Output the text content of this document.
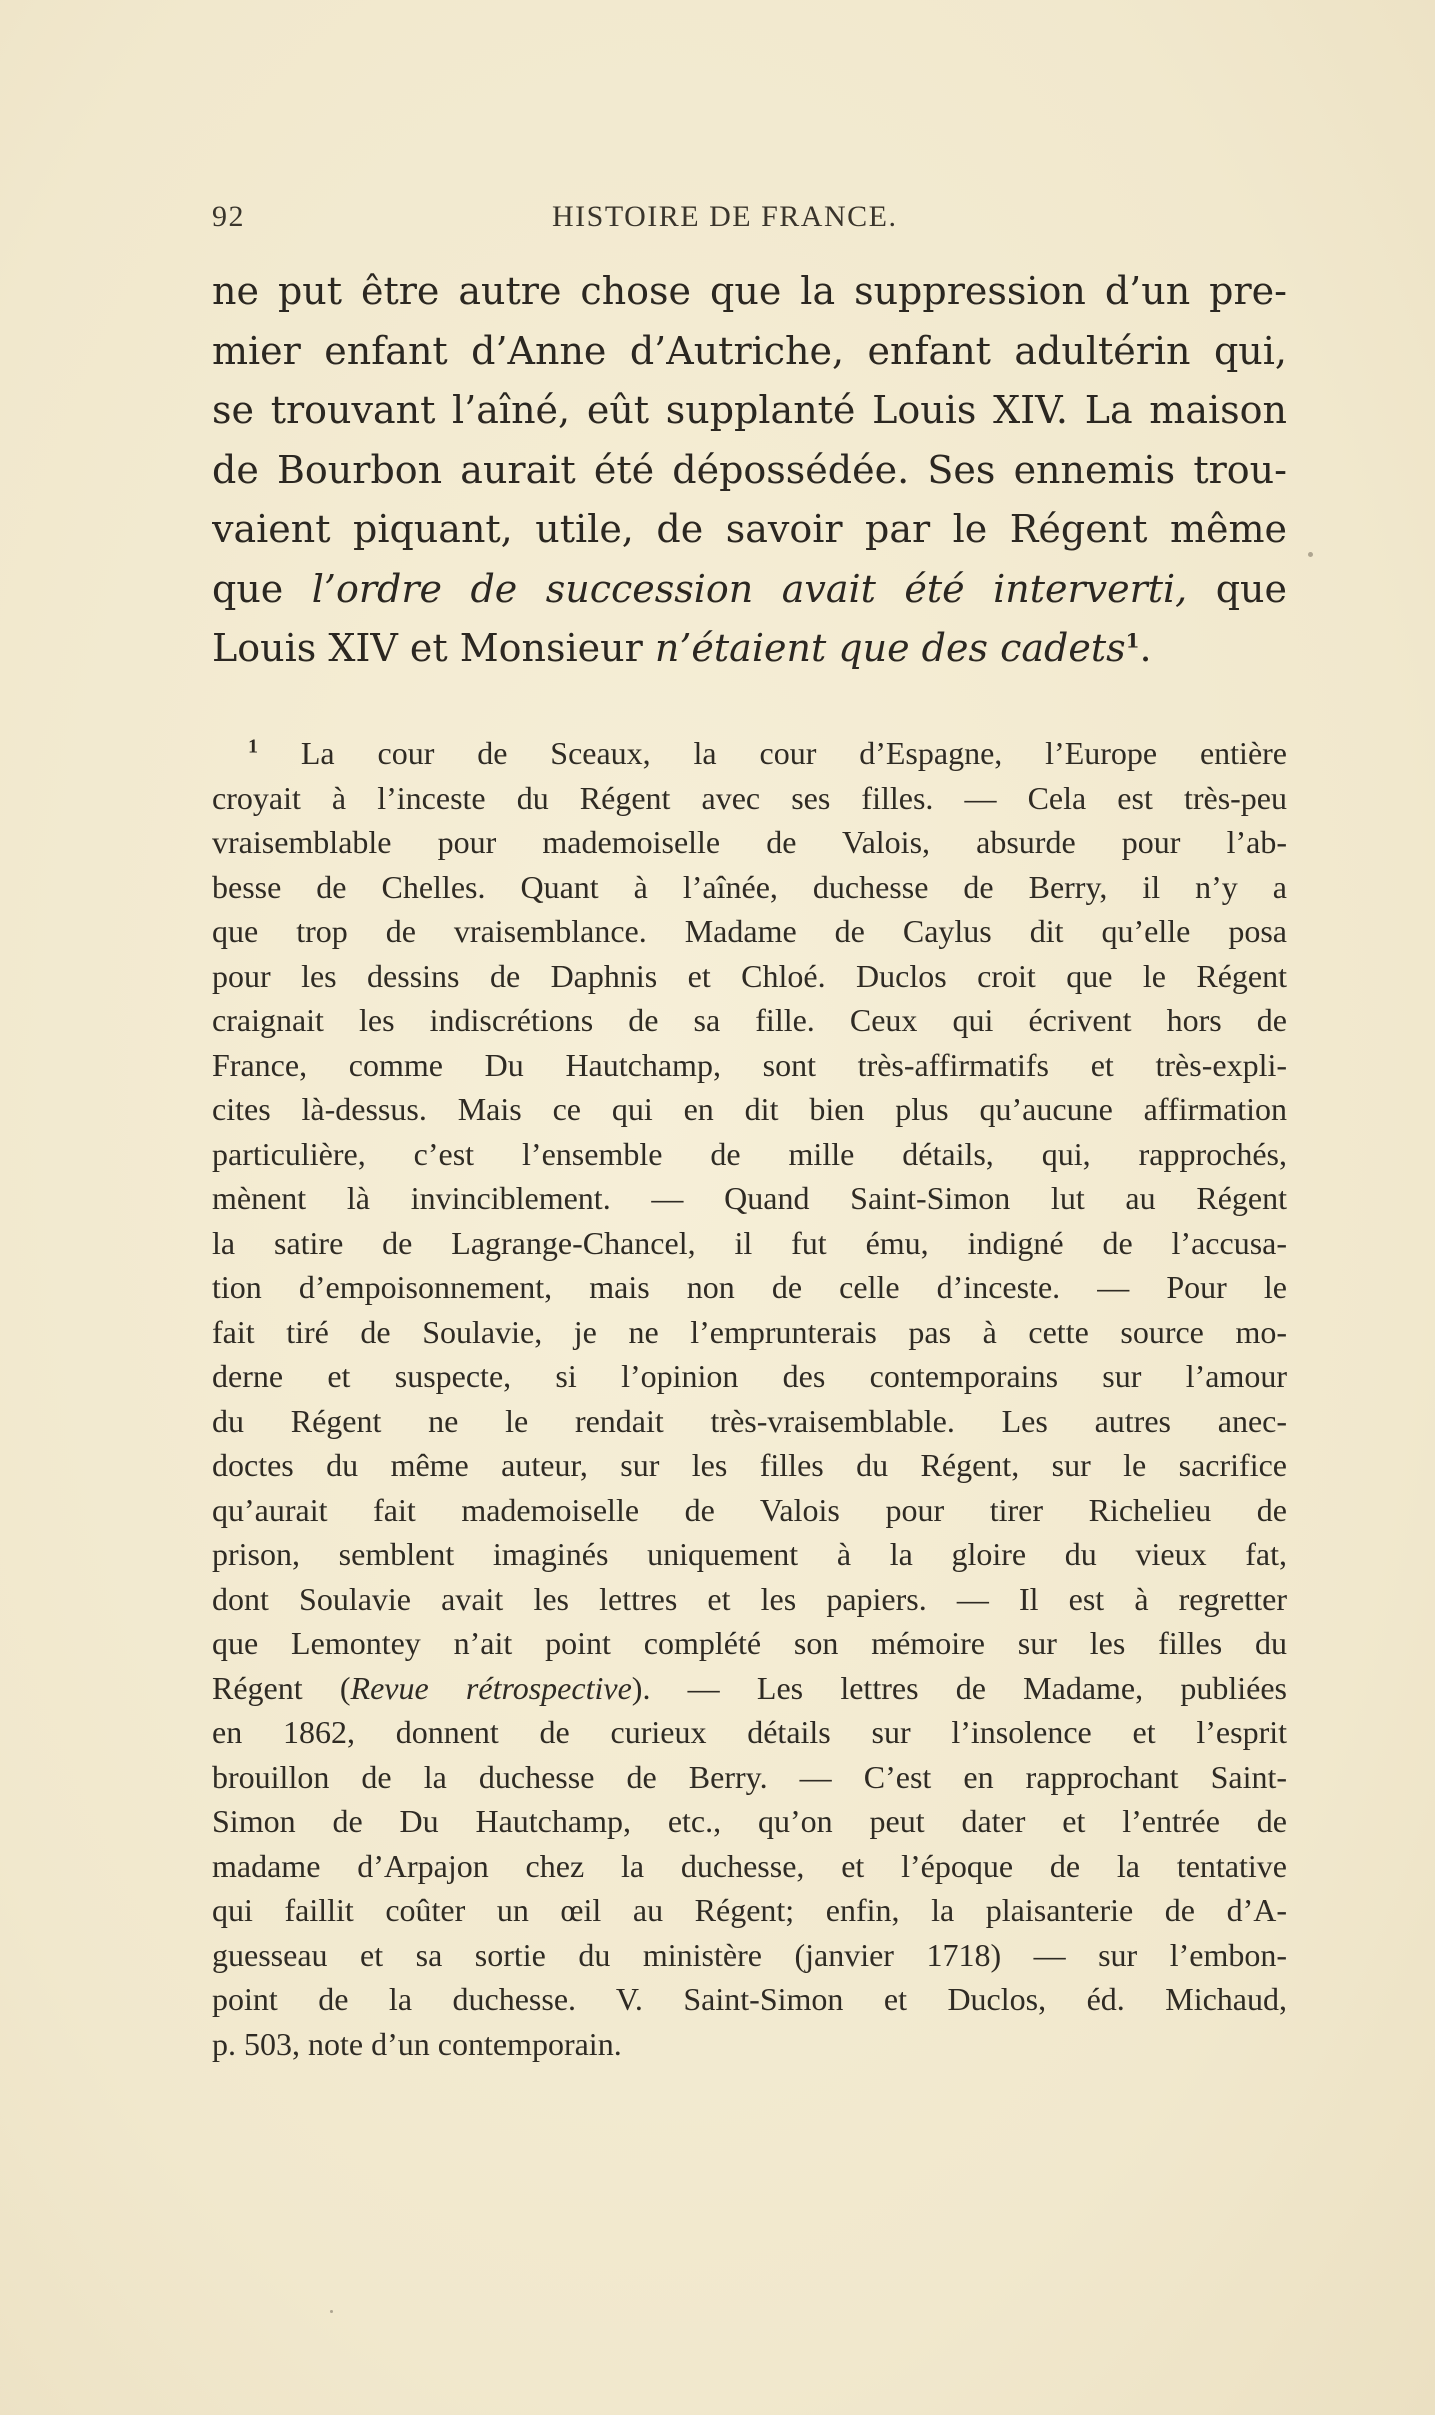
92	HISTOIRE DE FRANCE.
ne put être autre chose que la suppression d’un pre-
mier enfant d’Anne d’Autriche, enfant adultérin qui,
se trouvant l’aîné, eût supplanté Louis XIV. La maison
de Bourbon aurait été dépossédée. Ses ennemis trou-
vaient piquant, utile, de savoir par le Régent même
que l’ordre de succession avait été interverti, que
Louis XIV et Monsieur n’étaient que des cadets$^1$.
$^1$ La cour de Sceaux, la cour d’Espagne, l’Europe entière
croyait à l’inceste du Régent avec ses filles. — Cela est très-peu
vraisemblable pour mademoiselle de Valois, absurde pour l’ab-
besse de Chelles. Quant à l’aînée, duchesse de Berry, il n’y a
que trop de vraisemblance. Madame de Caylus dit qu’elle posa
pour les dessins de Daphnis et Chloé. Duclos croit que le Régent
craignait les indiscrétions de sa fille. Ceux qui écrivent hors de
France, comme Du Hautchamp, sont très-affirmatifs et très-expli-
cites là-dessus. Mais ce qui en dit bien plus qu’aucune affirmation
particulière, c’est l’ensemble de mille détails, qui, rapprochés,
mènent là invinciblement. — Quand Saint-Simon lut au Régent
la satire de Lagrange-Chancel, il fut ému, indigné de l’accusa-
tion d’empoisonnement, mais non de celle d’inceste. — Pour le
fait tiré de Soulavie, je ne l’emprunterais pas à cette source mo-
derne et suspecte, si l’opinion des contemporains sur l’amour
du Régent ne le rendait très-vraisemblable. Les autres anec-
doctes du même auteur, sur les filles du Régent, sur le sacrifice
qu’aurait fait mademoiselle de Valois pour tirer Richelieu de
prison, semblent imaginés uniquement à la gloire du vieux fat,
dont Soulavie avait les lettres et les papiers. — Il est à regretter
que Lemontey n’ait point complété son mémoire sur les filles du
Régent (Revue rétrospective). — Les lettres de Madame, publiées
en 1862, donnent de curieux détails sur l’insolence et l’esprit
brouillon de la duchesse de Berry. — C’est en rapprochant Saint-
Simon de Du Hautchamp, etc., qu’on peut dater et l’entrée de
madame d’Arpajon chez la duchesse, et l’époque de la tentative
qui faillit coûter un œil au Régent; enfin, la plaisanterie de d’A-
guesseau et sa sortie du ministère (janvier 1718) — sur l’embon-
point de la duchesse. V. Saint-Simon et Duclos, éd. Michaud,
p. 503, note d’un contemporain.
